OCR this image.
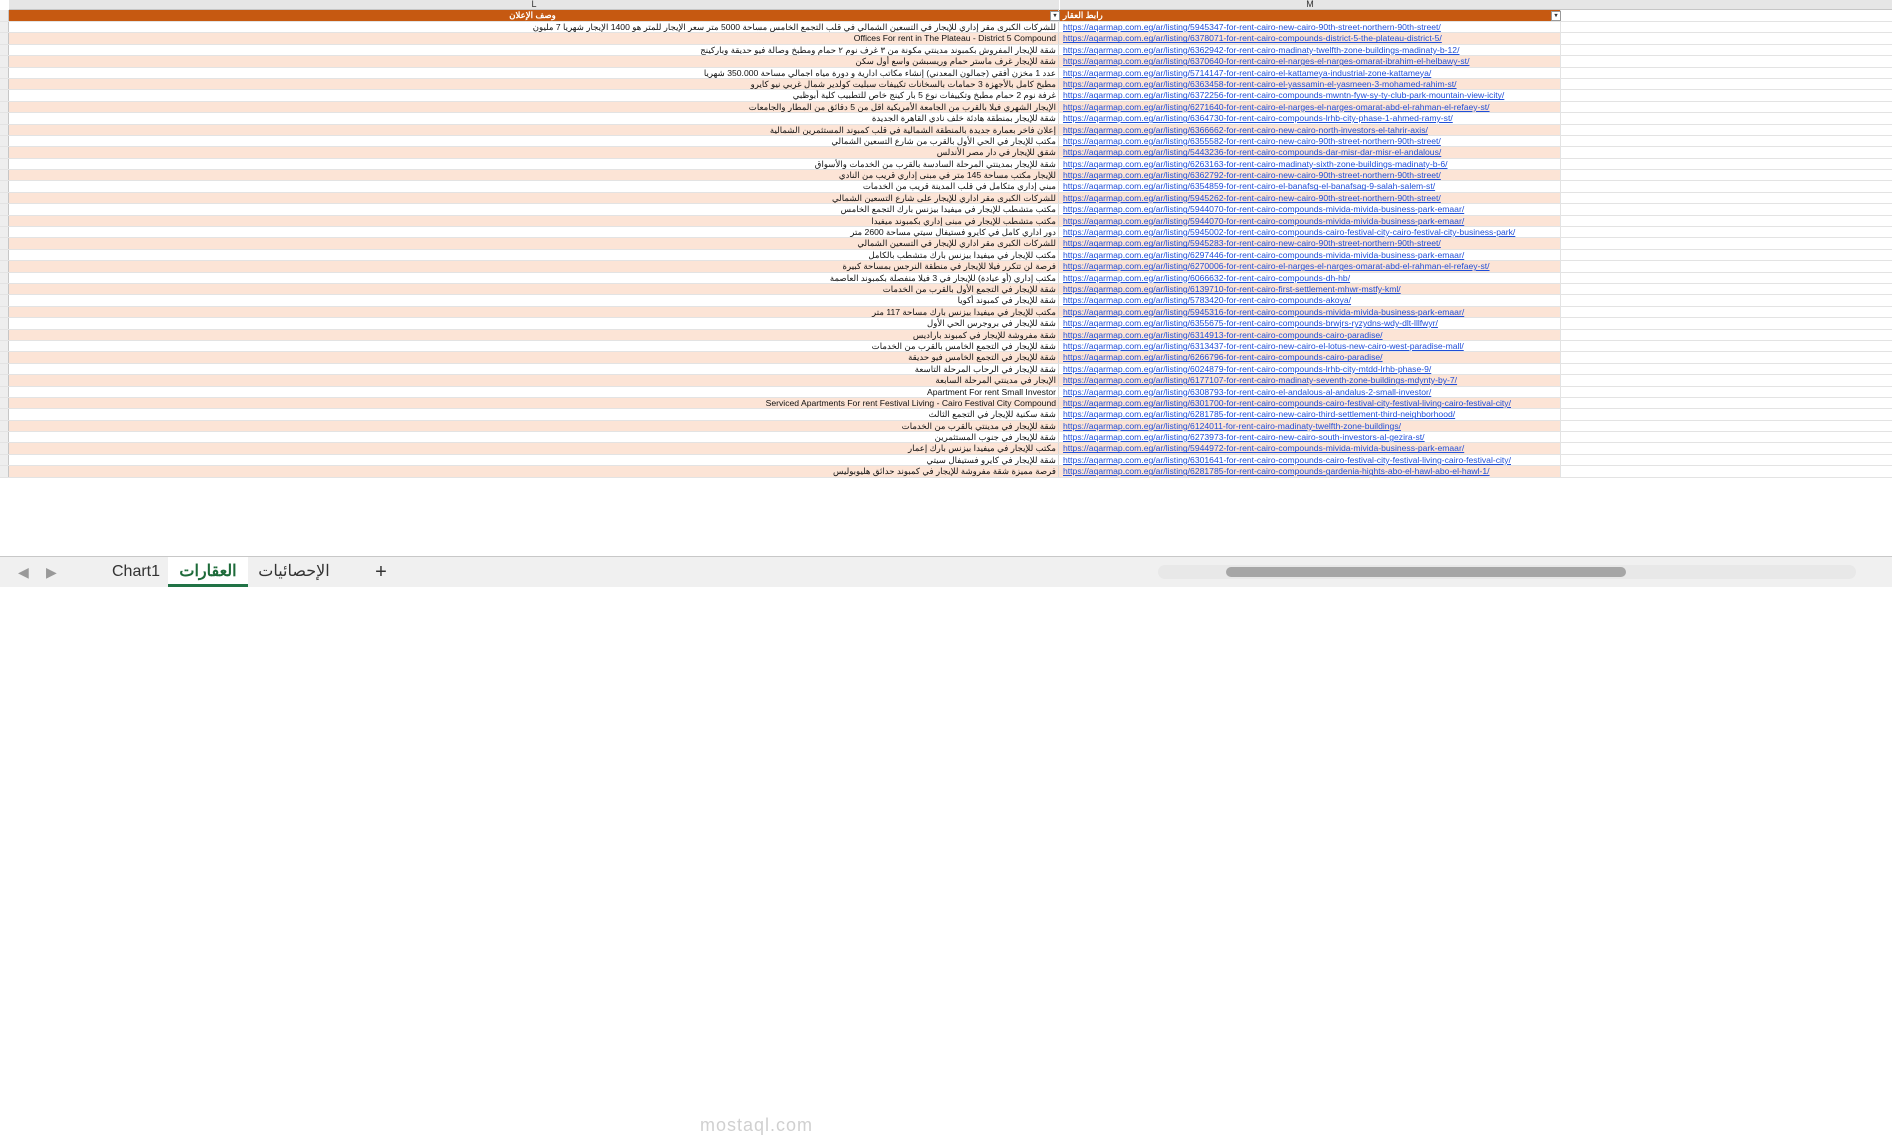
L	M
وصف الإعلان	رابط العقار
▾	▾
للشركات الكبرى مقر إداري للإيجار في التسعين الشمالي في قلب التجمع الخامس مساحة 5000 متر سعر الإيجار للمتر هو 1400 الإيجار شهريا 7 مليون https://aqarmap.com.eg/ar/listing/5945347-for-rent-cairo-new-cairo-90th-street-northern-90th-street/
Offices For rent in The Plateau - District 5 Compound https://aqarmap.com.eg/ar/listing/6378071-for-rent-cairo-compounds-district-5-the-plateau-district-5/
شقة للإيجار المفروش بكمبوند مدينتي مكونة من ٣ غرف نوم ٢ حمام ومطبخ وصالة فيو حديقة وباركينج https://aqarmap.com.eg/ar/listing/6362942-for-rent-cairo-madinaty-twelfth-zone-buildings-madinaty-b-12/
شقة للإيجار غرف ماستر حمام وريسبشن واسع أول سكن https://aqarmap.com.eg/ar/listing/6370640-for-rent-cairo-el-narges-el-narges-omarat-ibrahim-el-helbawy-st/
عدد 1 مخزن أفقي (جمالون المعدني) إنشاء مكاتب ادارية و دورة مياه اجمالي مساحة 350.000 شهريا https://aqarmap.com.eg/ar/listing/5714147-for-rent-cairo-el-kattameya-industrial-zone-kattameya/
مطبخ كامل بالأجهزة 3 حمامات بالسخانات تكييفات سبليت كولدير شمال غربي نيو كايرو https://aqarmap.com.eg/ar/listing/6363458-for-rent-cairo-el-yassamin-el-yasmeen-3-mohamed-rahim-st/
غرفة نوم 2 حمام مطبخ وتكييفات نوع 5 بار كينج خاص للتطبيب كلية أبوظبي https://aqarmap.com.eg/ar/listing/6372256-for-rent-cairo-compounds-mwntn-fyw-sy-ty-club-park-mountain-view-icity/
الإيجار الشهري فيلا بالقرب من الجامعة الأمريكية اقل من 5 دقائق من المطار والجامعات https://aqarmap.com.eg/ar/listing/6271640-for-rent-cairo-el-narges-el-narges-omarat-abd-el-rahman-el-refaey-st/
شقة للإيجار بمنطقة هادئة خلف نادي القاهرة الجديدة https://aqarmap.com.eg/ar/listing/6364730-for-rent-cairo-compounds-lrhb-city-phase-1-ahmed-ramy-st/
إعلان فاخر بعمارة جديدة بالمنطقة الشمالية في قلب كمبوند المستثمرين الشمالية https://aqarmap.com.eg/ar/listing/6366662-for-rent-cairo-new-cairo-north-investors-el-tahrir-axis/
مكتب للإيجار في الحي الأول بالقرب من شارع التسعين الشمالي https://aqarmap.com.eg/ar/listing/6355582-for-rent-cairo-new-cairo-90th-street-northern-90th-street/
شقق للإيجار في دار مصر الأندلس https://aqarmap.com.eg/ar/listing/5443236-for-rent-cairo-compounds-dar-misr-dar-misr-el-andalous/
شقة للإيجار بمدينتي المرحلة السادسة بالقرب من الخدمات والأسواق https://aqarmap.com.eg/ar/listing/6263163-for-rent-cairo-madinaty-sixth-zone-buildings-madinaty-b-6/
للإيجار مكتب مساحة 145 متر في مبنى إداري قريب من النادي https://aqarmap.com.eg/ar/listing/6362792-for-rent-cairo-new-cairo-90th-street-northern-90th-street/
مبني إداري متكامل في قلب المدينة قريب من الخدمات https://aqarmap.com.eg/ar/listing/6354859-for-rent-cairo-el-banafsg-el-banafsag-9-salah-salem-st/
للشركات الكبرى مقر اداري للإيجار على شارع التسعين الشمالي https://aqarmap.com.eg/ar/listing/5945262-for-rent-cairo-new-cairo-90th-street-northern-90th-street/
مكتب متشطب للإيجار في ميفيدا بيزنس بارك التجمع الخامس https://aqarmap.com.eg/ar/listing/5944070-for-rent-cairo-compounds-mivida-mivida-business-park-emaar/
مكتب متشطب للإيجار في مبنى إداري بكمبوند ميفيدا https://aqarmap.com.eg/ar/listing/5944070-for-rent-cairo-compounds-mivida-mivida-business-park-emaar/
دور اداري كامل في كايرو فستيفال سيتي مساحة 2600 متر https://aqarmap.com.eg/ar/listing/5945002-for-rent-cairo-compounds-cairo-festival-city-cairo-festival-city-business-park/
للشركات الكبرى مقر اداري للإيجار في التسعين الشمالي https://aqarmap.com.eg/ar/listing/5945283-for-rent-cairo-new-cairo-90th-street-northern-90th-street/
مكتب للإيجار في ميفيدا بيزنس بارك متشطب بالكامل https://aqarmap.com.eg/ar/listing/6297446-for-rent-cairo-compounds-mivida-mivida-business-park-emaar/
فرصة لن تتكرر فيلا للإيجار في منطقة النرجس بمساحة كبيرة https://aqarmap.com.eg/ar/listing/6270006-for-rent-cairo-el-narges-el-narges-omarat-abd-el-rahman-el-refaey-st/
مكتب إداري (أو عيادة) للإيجار في 3 فيلا منفصلة بكمبوند العاصمة https://aqarmap.com.eg/ar/listing/6066632-for-rent-cairo-compounds-dh-hb/
شقة للإيجار في التجمع الأول بالقرب من الخدمات https://aqarmap.com.eg/ar/listing/6139710-for-rent-cairo-first-settlement-mhwr-mstfy-kml/
شقة للإيجار في كمبوند أكويا https://aqarmap.com.eg/ar/listing/5783420-for-rent-cairo-compounds-akoya/
مكتب للإيجار في ميفيدا بيزنس بارك مساحة 117 متر https://aqarmap.com.eg/ar/listing/5945316-for-rent-cairo-compounds-mivida-mivida-business-park-emaar/
شقة للإيجار في بروجرس الحي الأول https://aqarmap.com.eg/ar/listing/6355675-for-rent-cairo-compounds-brwjrs-ryzydns-wdy-dlt-lllfwyr/
شقة مفروشة للإيجار في كمبوند باراديس https://aqarmap.com.eg/ar/listing/6314913-for-rent-cairo-compounds-cairo-paradise/
شقة للإيجار في التجمع الخامس بالقرب من الخدمات https://aqarmap.com.eg/ar/listing/6313437-for-rent-cairo-new-cairo-el-lotus-new-cairo-west-paradise-mall/
شقة للإيجار في التجمع الخامس فيو حديقة https://aqarmap.com.eg/ar/listing/6266796-for-rent-cairo-compounds-cairo-paradise/
شقة للإيجار في الرحاب المرحلة التاسعة https://aqarmap.com.eg/ar/listing/6024879-for-rent-cairo-compounds-lrhb-city-mtdd-lrhb-phase-9/
الإيجار في مدينتي المرحلة السابعة https://aqarmap.com.eg/ar/listing/6177107-for-rent-cairo-madinaty-seventh-zone-buildings-mdynty-by-7/
Apartment For rent Small Investor https://aqarmap.com.eg/ar/listing/6308793-for-rent-cairo-el-andalous-al-andalus-2-small-investor/
Serviced Apartments For rent Festival Living - Cairo Festival City Compound https://aqarmap.com.eg/ar/listing/6301700-for-rent-cairo-compounds-cairo-festival-city-festival-living-cairo-festival-city/
شقة سكنية للإيجار في التجمع الثالث https://aqarmap.com.eg/ar/listing/6281785-for-rent-cairo-new-cairo-third-settlement-third-neighborhood/
شقة للإيجار في مدينتي بالقرب من الخدمات https://aqarmap.com.eg/ar/listing/6124011-for-rent-cairo-madinaty-twelfth-zone-buildings/
شقة للإيجار في جنوب المستثمرين https://aqarmap.com.eg/ar/listing/6273973-for-rent-cairo-new-cairo-south-investors-al-gezira-st/
مكتب للإيجار في ميفيدا بيزنس بارك إعمار https://aqarmap.com.eg/ar/listing/5944972-for-rent-cairo-compounds-mivida-mivida-business-park-emaar/
شقة للإيجار في كايرو فستيفال سيتي https://aqarmap.com.eg/ar/listing/6301641-for-rent-cairo-compounds-cairo-festival-city-festival-living-cairo-festival-city/
فرصة مميزة شقة مفروشة للإيجار في كمبوند حدائق هليوبوليس https://aqarmap.com.eg/ar/listing/6281785-for-rent-cairo-compounds-gardenia-hights-abo-el-hawl-abo-el-hawl-1/
◀ ▶	Chart1	العقارات	الإحصائيات	+
mostaql.com
